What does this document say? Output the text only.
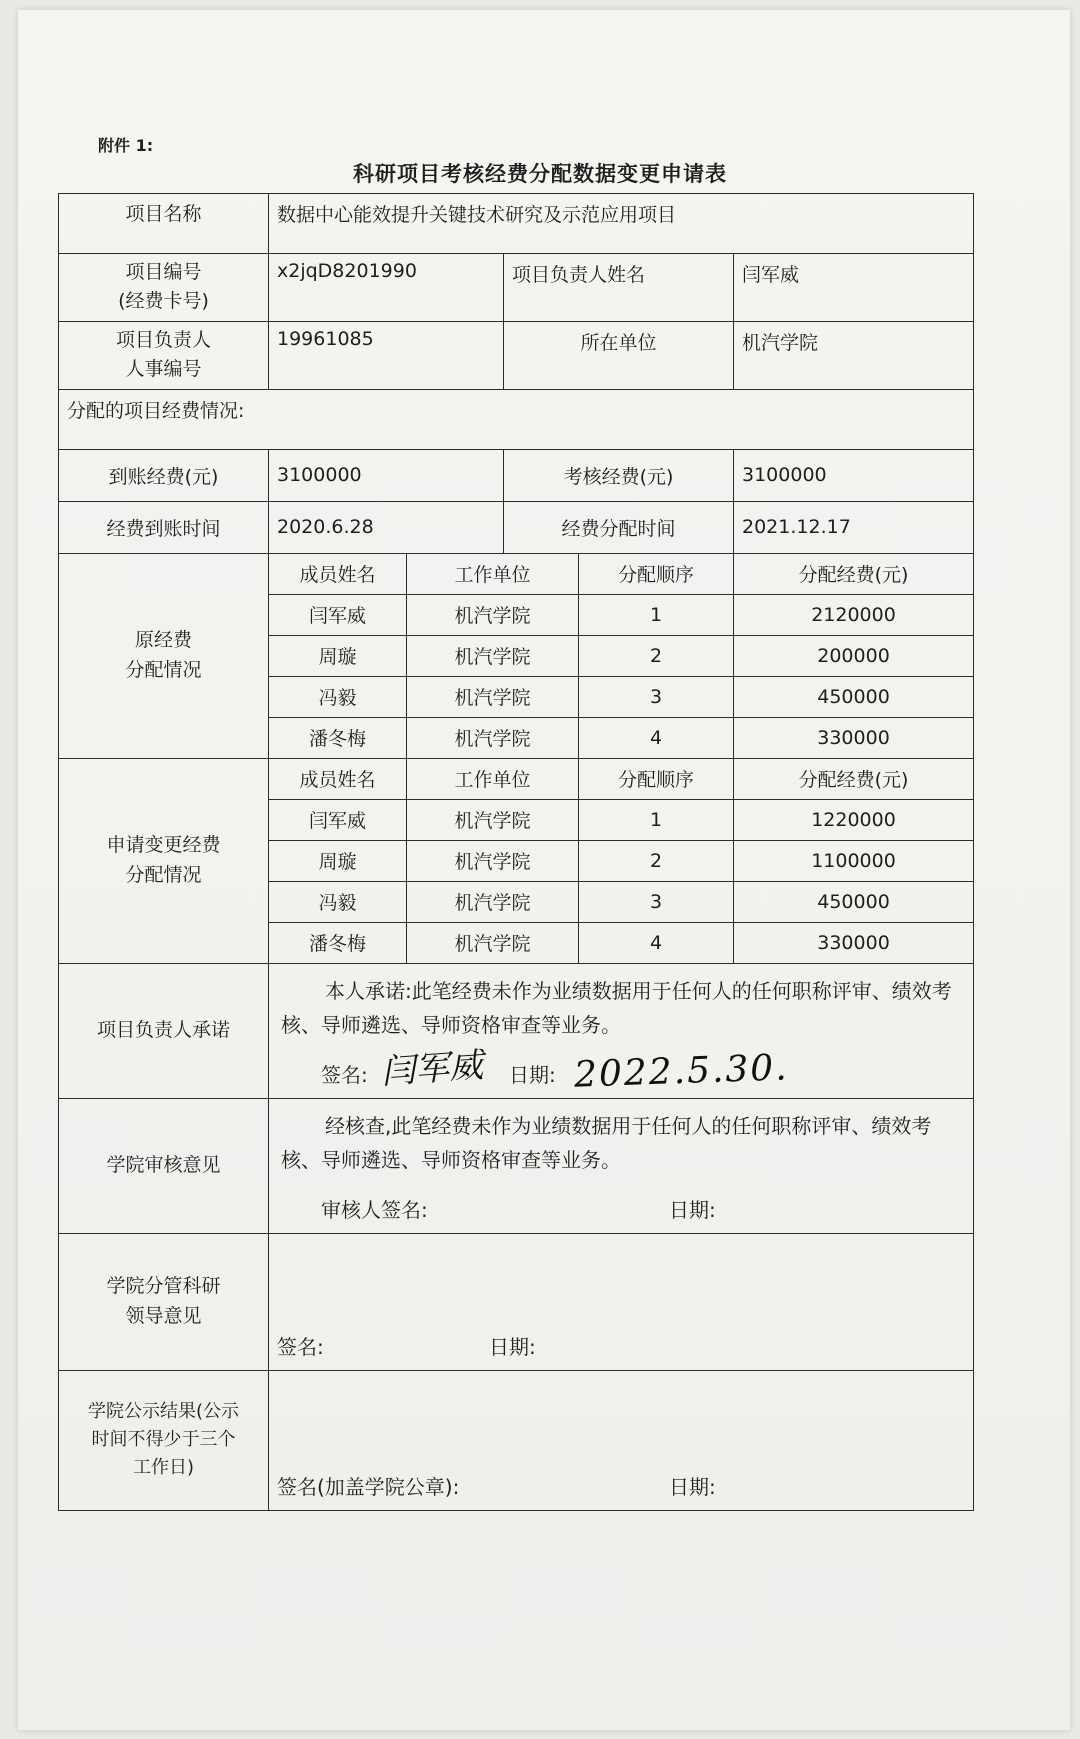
附件 1:
科研项目考核经费分配数据变更申请表
项目名称	数据中心能效提升关键技术研究及示范应用项目				
项目编号
(经费卡号)	x2jqD8201990		项目负责人姓名		闫军威
项目负责人
人事编号	19961085		所在单位		机汽学院
分配的项目经费情况:					
到账经费(元)	3100000		考核经费(元)		3100000
经费到账时间	2020.6.28		经费分配时间		2021.12.17
原经费
分配情况	成员姓名	工作单位		分配顺序	分配经费(元)
	闫军威	机汽学院		1	2120000
	周璇	机汽学院		2	200000
	冯毅	机汽学院		3	450000
	潘冬梅	机汽学院		4	330000
申请变更经费
分配情况	成员姓名	工作单位		分配顺序	分配经费(元)
	闫军威	机汽学院		1	1220000
	周璇	机汽学院		2	1100000
	冯毅	机汽学院		3	450000
	潘冬梅	机汽学院		4	330000
项目负责人承诺	本人承诺:此笔经费未作为业绩数据用于任何人的任何职称评审、绩效考核、导师遴选、导师资格审查等业务。
签名: 闫军威 日期: 2022.5.30.				

学院审核意见	经核查,此笔经费未作为业绩数据用于任何人的任何职称评审、绩效考核、导师遴选、导师资格审查等业务。
审核人签名: 日期:				

学院分管科研
领导意见	签名: 日期:				

学院公示结果(公示
时间不得少于三个
工作日)	签名(加盖学院公章): 日期:				
